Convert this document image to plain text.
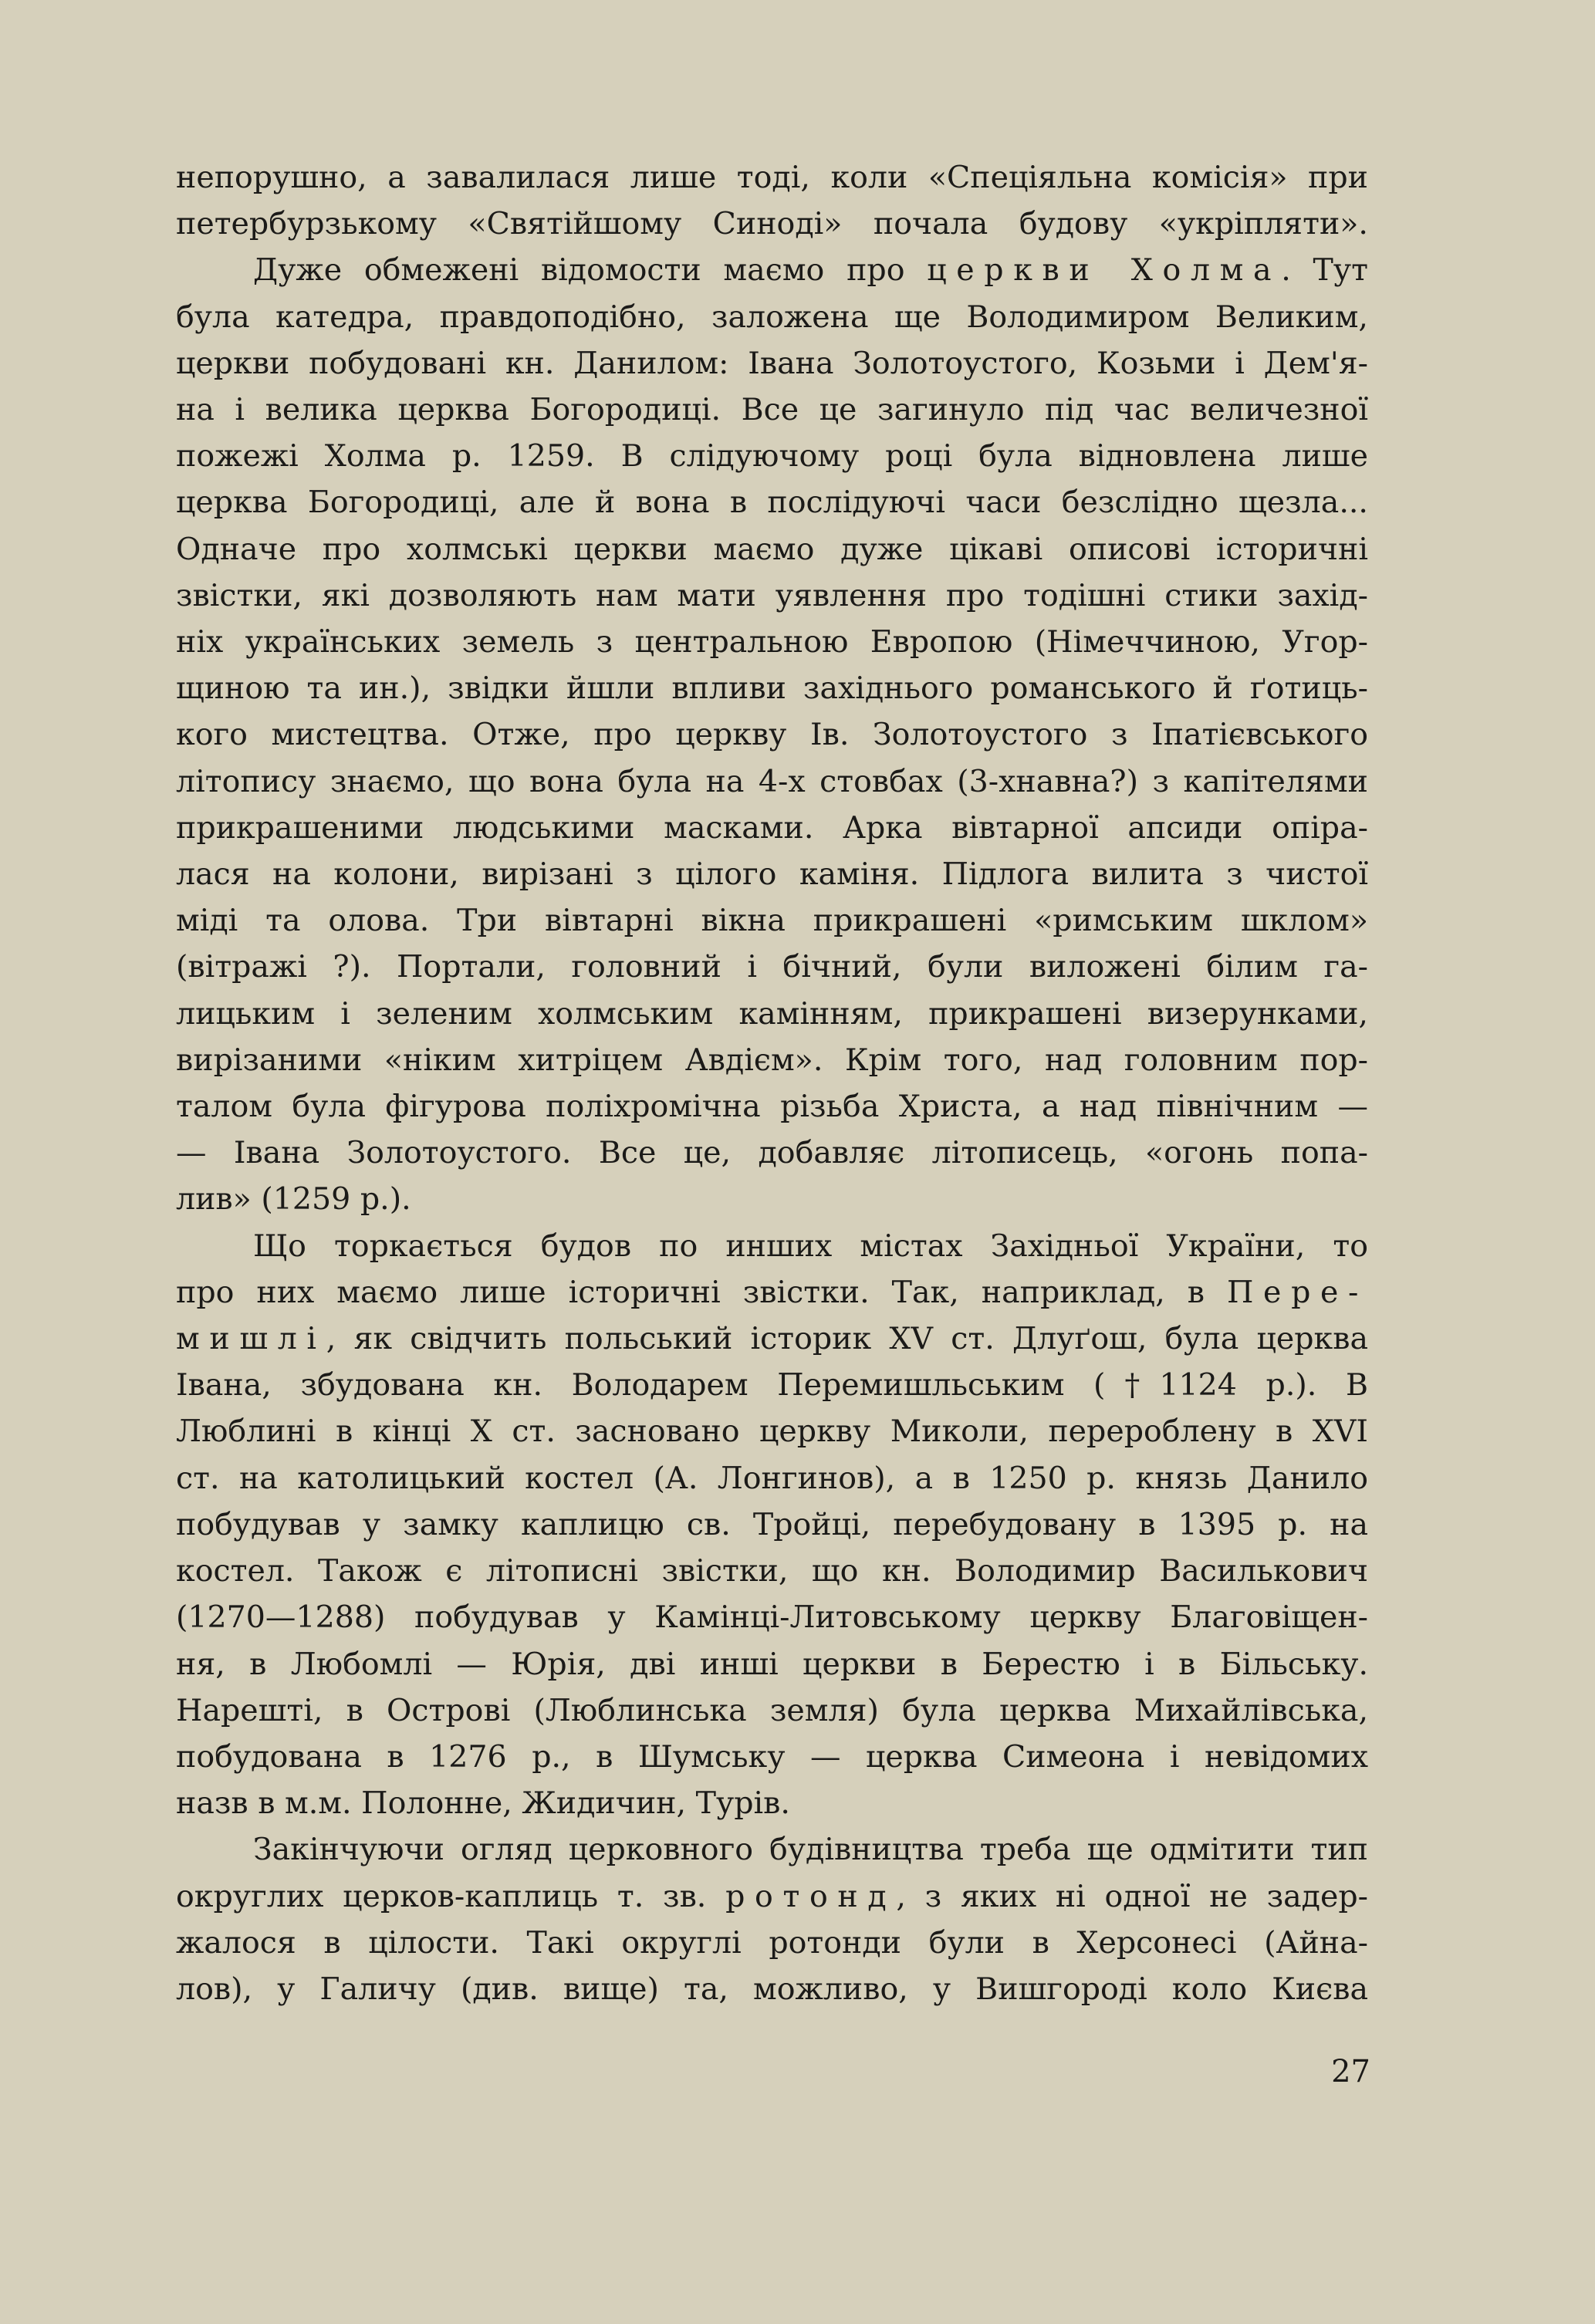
непорушно, а завалилася лише тоді, коли «Спеціяльна комісія» при

петербурзькому «Святійшому Синоді» почала будову «укріпляти».

Дуже обмежені відомости маємо про церкви Холма. Тут

була катедра, правдоподібно, заложена ще Володимиром Великим,

церкви побудовані кн. Данилом: Івана Золотоустого, Козьми і Дем'я-

на і велика церква Богородиці. Все це загинуло під час величезної

пожежі Холма р. 1259. В слідуючому році була відновлена лише

церква Богородиці, але й вона в послідуючі часи безслідно щезла...

Одначе про холмські церкви маємо дуже цікаві описові історичні

звістки, які дозволяють нам мати уявлення про тодішні стики захід-

ніх українських земель з центральною Европою (Німеччиною, Угор-

щиною та ин.), звідки йшли впливи західнього романського й ґотиць-

кого мистецтва. Отже, про церкву Ів. Золотоустого з Іпатієвського

літопису знаємо, що вона була на 4-х стовбах (3-хнавна?) з капітелями

прикрашеними людськими масками. Арка вівтарної апсиди опіра-

лася на колони, вирізані з цілого каміня. Підлога вилита з чистої

міді та олова. Три вівтарні вікна прикрашені «римським шклом»

(вітражі ?). Портали, головний і бічний, були виложені білим га-

лицьким і зеленим холмським камінням, прикрашені визерунками,

вирізаними «ніким хитріцем Авдієм». Крім того, над головним пор-

талом була фігурова поліхромічна різьба Христа, а над північним —

— Івана Золотоустого. Все це, добавляє літописець, «огонь попа-

лив» (1259 р.).

Що торкається будов по инших містах Західньої України, то

про них маємо лише історичні звістки. Так, наприклад, в Пере-

мишлі, як свідчить польський історик XV ст. Длуґош, була церква

Івана, збудована кн. Володарем Перемишльським (†1124 р.). В

Люблині в кінці X ст. засновано церкву Миколи, перероблену в XVI

ст. на католицький костел (А. Лонгинов), а в 1250 р. князь Данило

побудував у замку каплицю св. Тройці, перебудовану в 1395 р. на

костел. Також є літописні звістки, що кн. Володимир Василькович

(1270—1288) побудував у Камінці-Литовському церкву Благовіщен-

ня, в Любомлі — Юрія, дві инші церкви в Берестю і в Більську.

Нарешті, в Острові (Люблинська земля) була церква Михайлівська,

побудована в 1276 р., в Шумську — церква Симеона і невідомих

назв в м.м. Полонне, Жидичин, Турів.

Закінчуючи огляд церковного будівництва треба ще одмітити тип

округлих церков-каплиць т. зв. ротонд, з яких ні одної не задер-

жалося в цілости. Такі округлі ротонди були в Херсонесі (Айна-

лов), у Галичу (див. вище) та, можливо, у Вишгороді коло Києва

27
